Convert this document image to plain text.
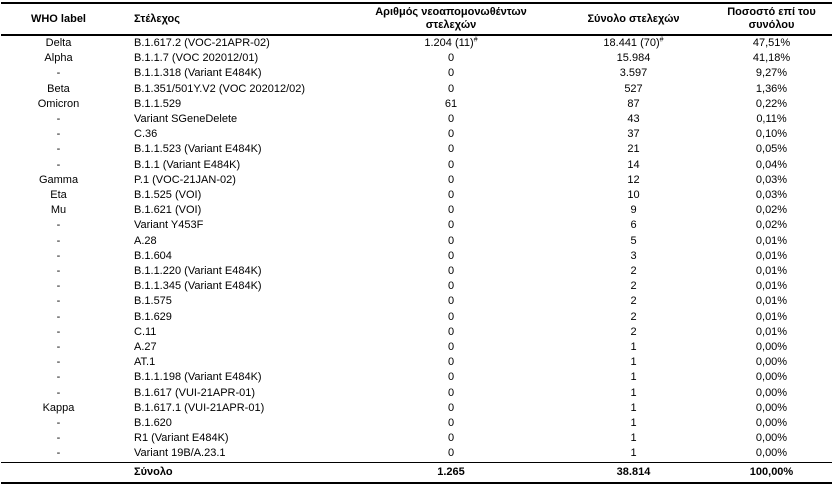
WHO label	Στέλεχος	Αριθμός νεοαπομονωθέντων στελεχών	Σύνολο στελεχών	Ποσοστό επί του συνόλου
Delta	B.1.617.2 (VOC-21APR-02)	1.204 (11)#	18.441 (70)#	47,51%
Alpha	B.1.1.7 (VOC 202012/01)	0	15.984	41,18%
-	B.1.1.318 (Variant E484K)	0	3.597	9,27%
Beta	B.1.351/501Y.V2 (VOC 202012/02)	0	527	1,36%
Omicron	B.1.1.529	61	87	0,22%
-	Variant SGeneDelete	0	43	0,11%
-	C.36	0	37	0,10%
-	B.1.1.523 (Variant E484K)	0	21	0,05%
-	B.1.1 (Variant E484K)	0	14	0,04%
Gamma	P.1 (VOC-21JAN-02)	0	12	0,03%
Eta	B.1.525 (VOI)	0	10	0,03%
Mu	B.1.621 (VOI)	0	9	0,02%
-	Variant Y453F	0	6	0,02%
-	A.28	0	5	0,01%
-	B.1.604	0	3	0,01%
-	B.1.1.220 (Variant E484K)	0	2	0,01%
-	B.1.1.345 (Variant E484K)	0	2	0,01%
-	B.1.575	0	2	0,01%
-	B.1.629	0	2	0,01%
-	C.11	0	2	0,01%
-	A.27	0	1	0,00%
-	AT.1	0	1	0,00%
-	B.1.1.198 (Variant E484K)	0	1	0,00%
-	B.1.617 (VUI-21APR-01)	0	1	0,00%
Kappa	B.1.617.1 (VUI-21APR-01)	0	1	0,00%
-	B.1.620	0	1	0,00%
-	R1 (Variant E484K)	0	1	0,00%
-	Variant 19B/A.23.1	0	1	0,00%
	Σύνολο	1.265	38.814	100,00%
